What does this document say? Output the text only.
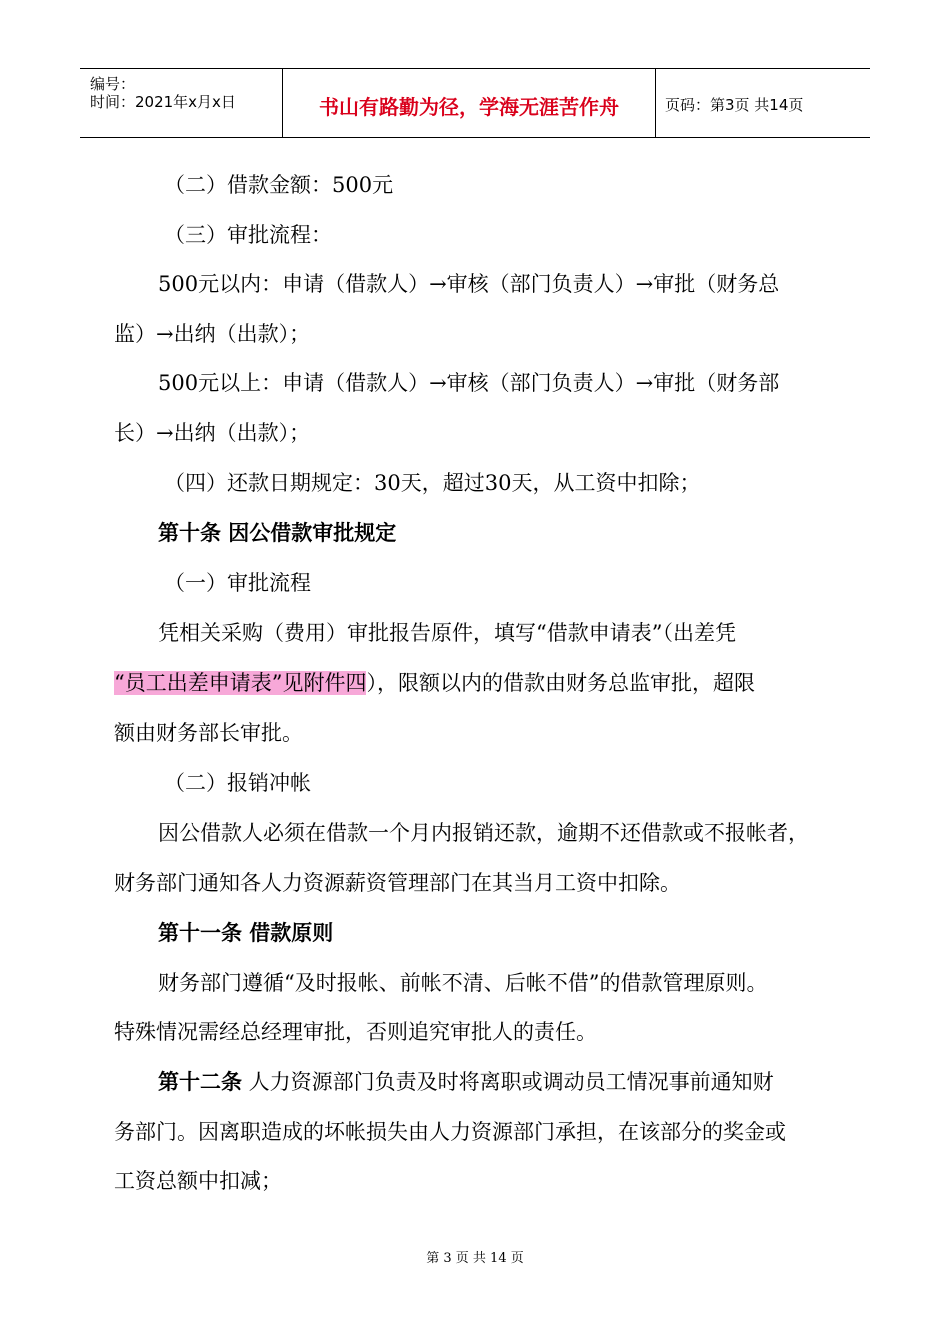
编号：
时间：2021年x月x日	书山有路勤为径，学海无涯苦作舟	页码：第3页 共14页
（二）借款金额：500元
（三）审批流程：
500元以内：申请（借款人）→审核（部门负责人）→审批（财务总
监）→出纳（出款）；
500元以上：申请（借款人）→审核（部门负责人）→审批（财务部
长）→出纳（出款）；
（四）还款日期规定：30天，超过30天，从工资中扣除；
第十条 因公借款审批规定
（一）审批流程
凭相关采购（费用）审批报告原件，填写“借款申请表”（出差凭
“员工出差申请表”见附件四），限额以内的借款由财务总监审批，超限
额由财务部长审批。
（二）报销冲帐
因公借款人必须在借款一个月内报销还款，逾期不还借款或不报帐者，
财务部门通知各人力资源薪资管理部门在其当月工资中扣除。
第十一条 借款原则
财务部门遵循“及时报帐、前帐不清、后帐不借”的借款管理原则。
特殊情况需经总经理审批，否则追究审批人的责任。
第十二条 人力资源部门负责及时将离职或调动员工情况事前通知财
务部门。因离职造成的坏帐损失由人力资源部门承担，在该部分的奖金或
工资总额中扣减；
第 3 页 共 14 页
